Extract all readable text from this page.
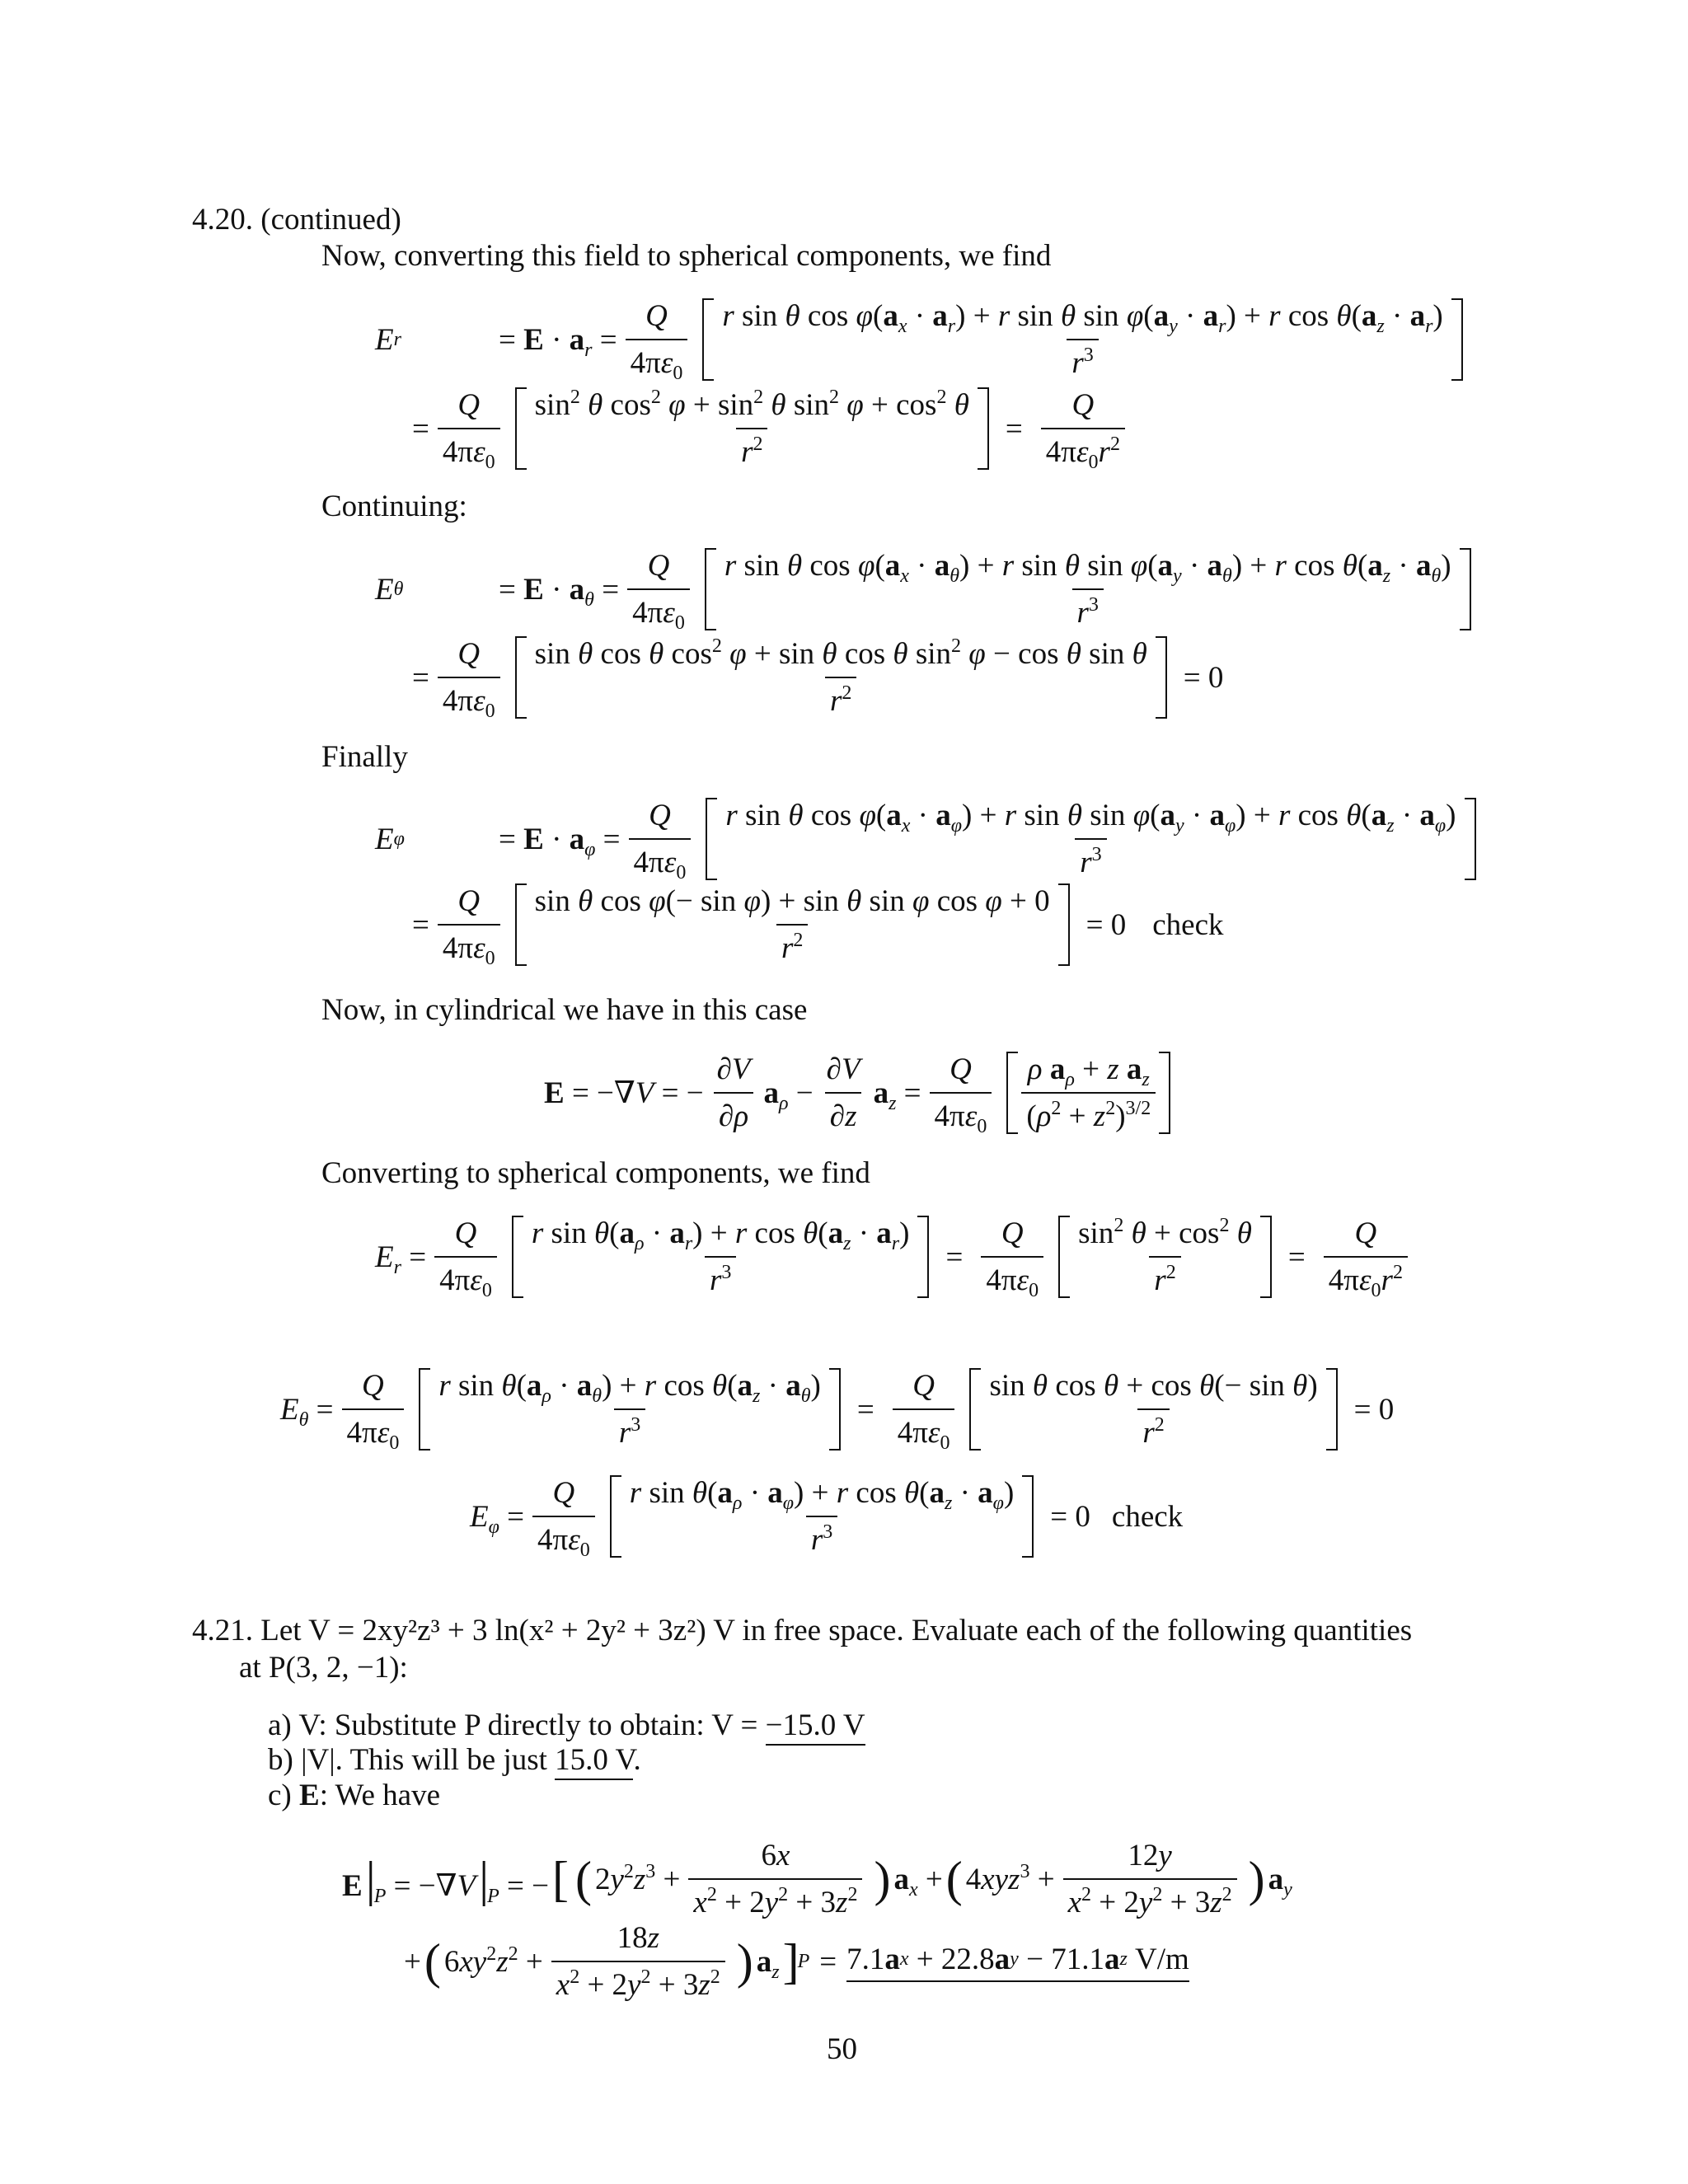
4.20. (continued)
Now, converting this field to spherical components, we find
E r	= $E \cdot a_r = \frac{Q}{4\pi\varepsilon_0}$ r sin θ $\cos \varphi(a_x \cdot a_r) + r$ sin θ $\sin \varphi(a_y \cdot a_r) + r$ $\cos \theta(a_z \cdot a_r)$
$r^3$
= $\frac{Q}{4\pi\varepsilon_0} \frac{\sin^2 \theta \cos^2 \varphi + \sin^2 \theta \sin^2 \varphi + \cos^2 \theta}{r^2} = \frac{Q}{4\pi\varepsilon_0r^2}$
Continuing:
E θ	= $E \cdot a_\theta = \frac{Q}{4\pi\varepsilon_0}$ r sin θ $\cos \varphi(a_x \cdot a_\theta) + r$ sin θ $\sin \varphi(a_y \cdot a_\theta) + r$ $\cos \theta(a_z \cdot a_\theta)$
$r^3$
= $\frac{Q}{4\pi\varepsilon_0} \frac{\sin \theta \cos \theta \cos^2 \varphi + \sin \theta \cos \theta \sin^2 \varphi - \cos \theta \sin \theta}{r^2} = 0$
Finally
E φ	= $E \cdot a_\varphi = \frac{Q}{4\pi\varepsilon_0}$ r sin θ $\cos \varphi(a_x \cdot a_\varphi) + r$ sin θ $\sin \varphi(a_y \cdot a_\varphi) + r$ $\cos \theta(a_z \cdot a_\varphi)$
$r^3$
= $\frac{Q}{4\pi\varepsilon_0} \frac{\text{sin θ cos φ(− sin φ) + sin θ sin φ cos φ + 0}}{r^2} = 0$ check
Now, in cylindrical we have in this case
E = −∇V = − $\frac{\partial V}{\partial\rho} a_\rho - \frac{\partial V}{\partial z} a_z = \frac{Q}{4\pi\varepsilon_0} \frac{\rho a_\rho + z a_z}{(\rho^2 + z^2)^{3/2}}$
Converting to spherical components, we find
$E_r = \frac{Q}{4\pi\varepsilon_0} \frac{r \sin \theta(a_\rho \cdot a_r) + r \cos \theta(a_z \cdot a_r)}{r^3} = \frac{Q}{4\pi\varepsilon_0} \frac{\sin^2 \theta + \cos^2 \theta}{r^2} = \frac{Q}{4\pi\varepsilon_0r^2}$
$E_\theta = \frac{Q}{4\pi\varepsilon_0} \frac{r \sin \theta(a_\rho \cdot a_\theta) + r \cos \theta(a_z \cdot a_\theta)}{r^3} = \frac{Q}{4\pi\varepsilon_0} \frac{\text{sin θ cos θ + cos θ(− sin θ)}}{r^2} = 0$
$E_\varphi = \frac{Q}{4\pi\varepsilon_0} \frac{r \sin \theta(a_\rho \cdot a_\varphi) + r \cos \theta(a_z \cdot a_\varphi)}{r^3} = 0$ check
4.21. Let V = 2xy²z³ + 3 ln(x² + 2y² + 3z²) V in free space. Evaluate each of the following quantities
at P(3, 2, −1):
a) V: Substitute P directly to obtain: V = −15.0 V
b) |V|. This will be just 15.0 V.
c) E: We have
$E|_P = -\nabla V|_P$ = − [ ( $2y^2z^3 + \frac{6x}{x^2 + 2y^2 + 3z^2}$ ) $a_x$ + ( $4xyz^3 + \frac{12y}{x^2 + 2y^2 + 3z^2}$ ) $a_y$
+ ( $6xy^2z^2 + \frac{18z}{x^2 + 2y^2 + 3z^2}$ ) $a_z$ ]
P = 7.1 a x + 22.8 a y − 71.1 a z V/m
50
